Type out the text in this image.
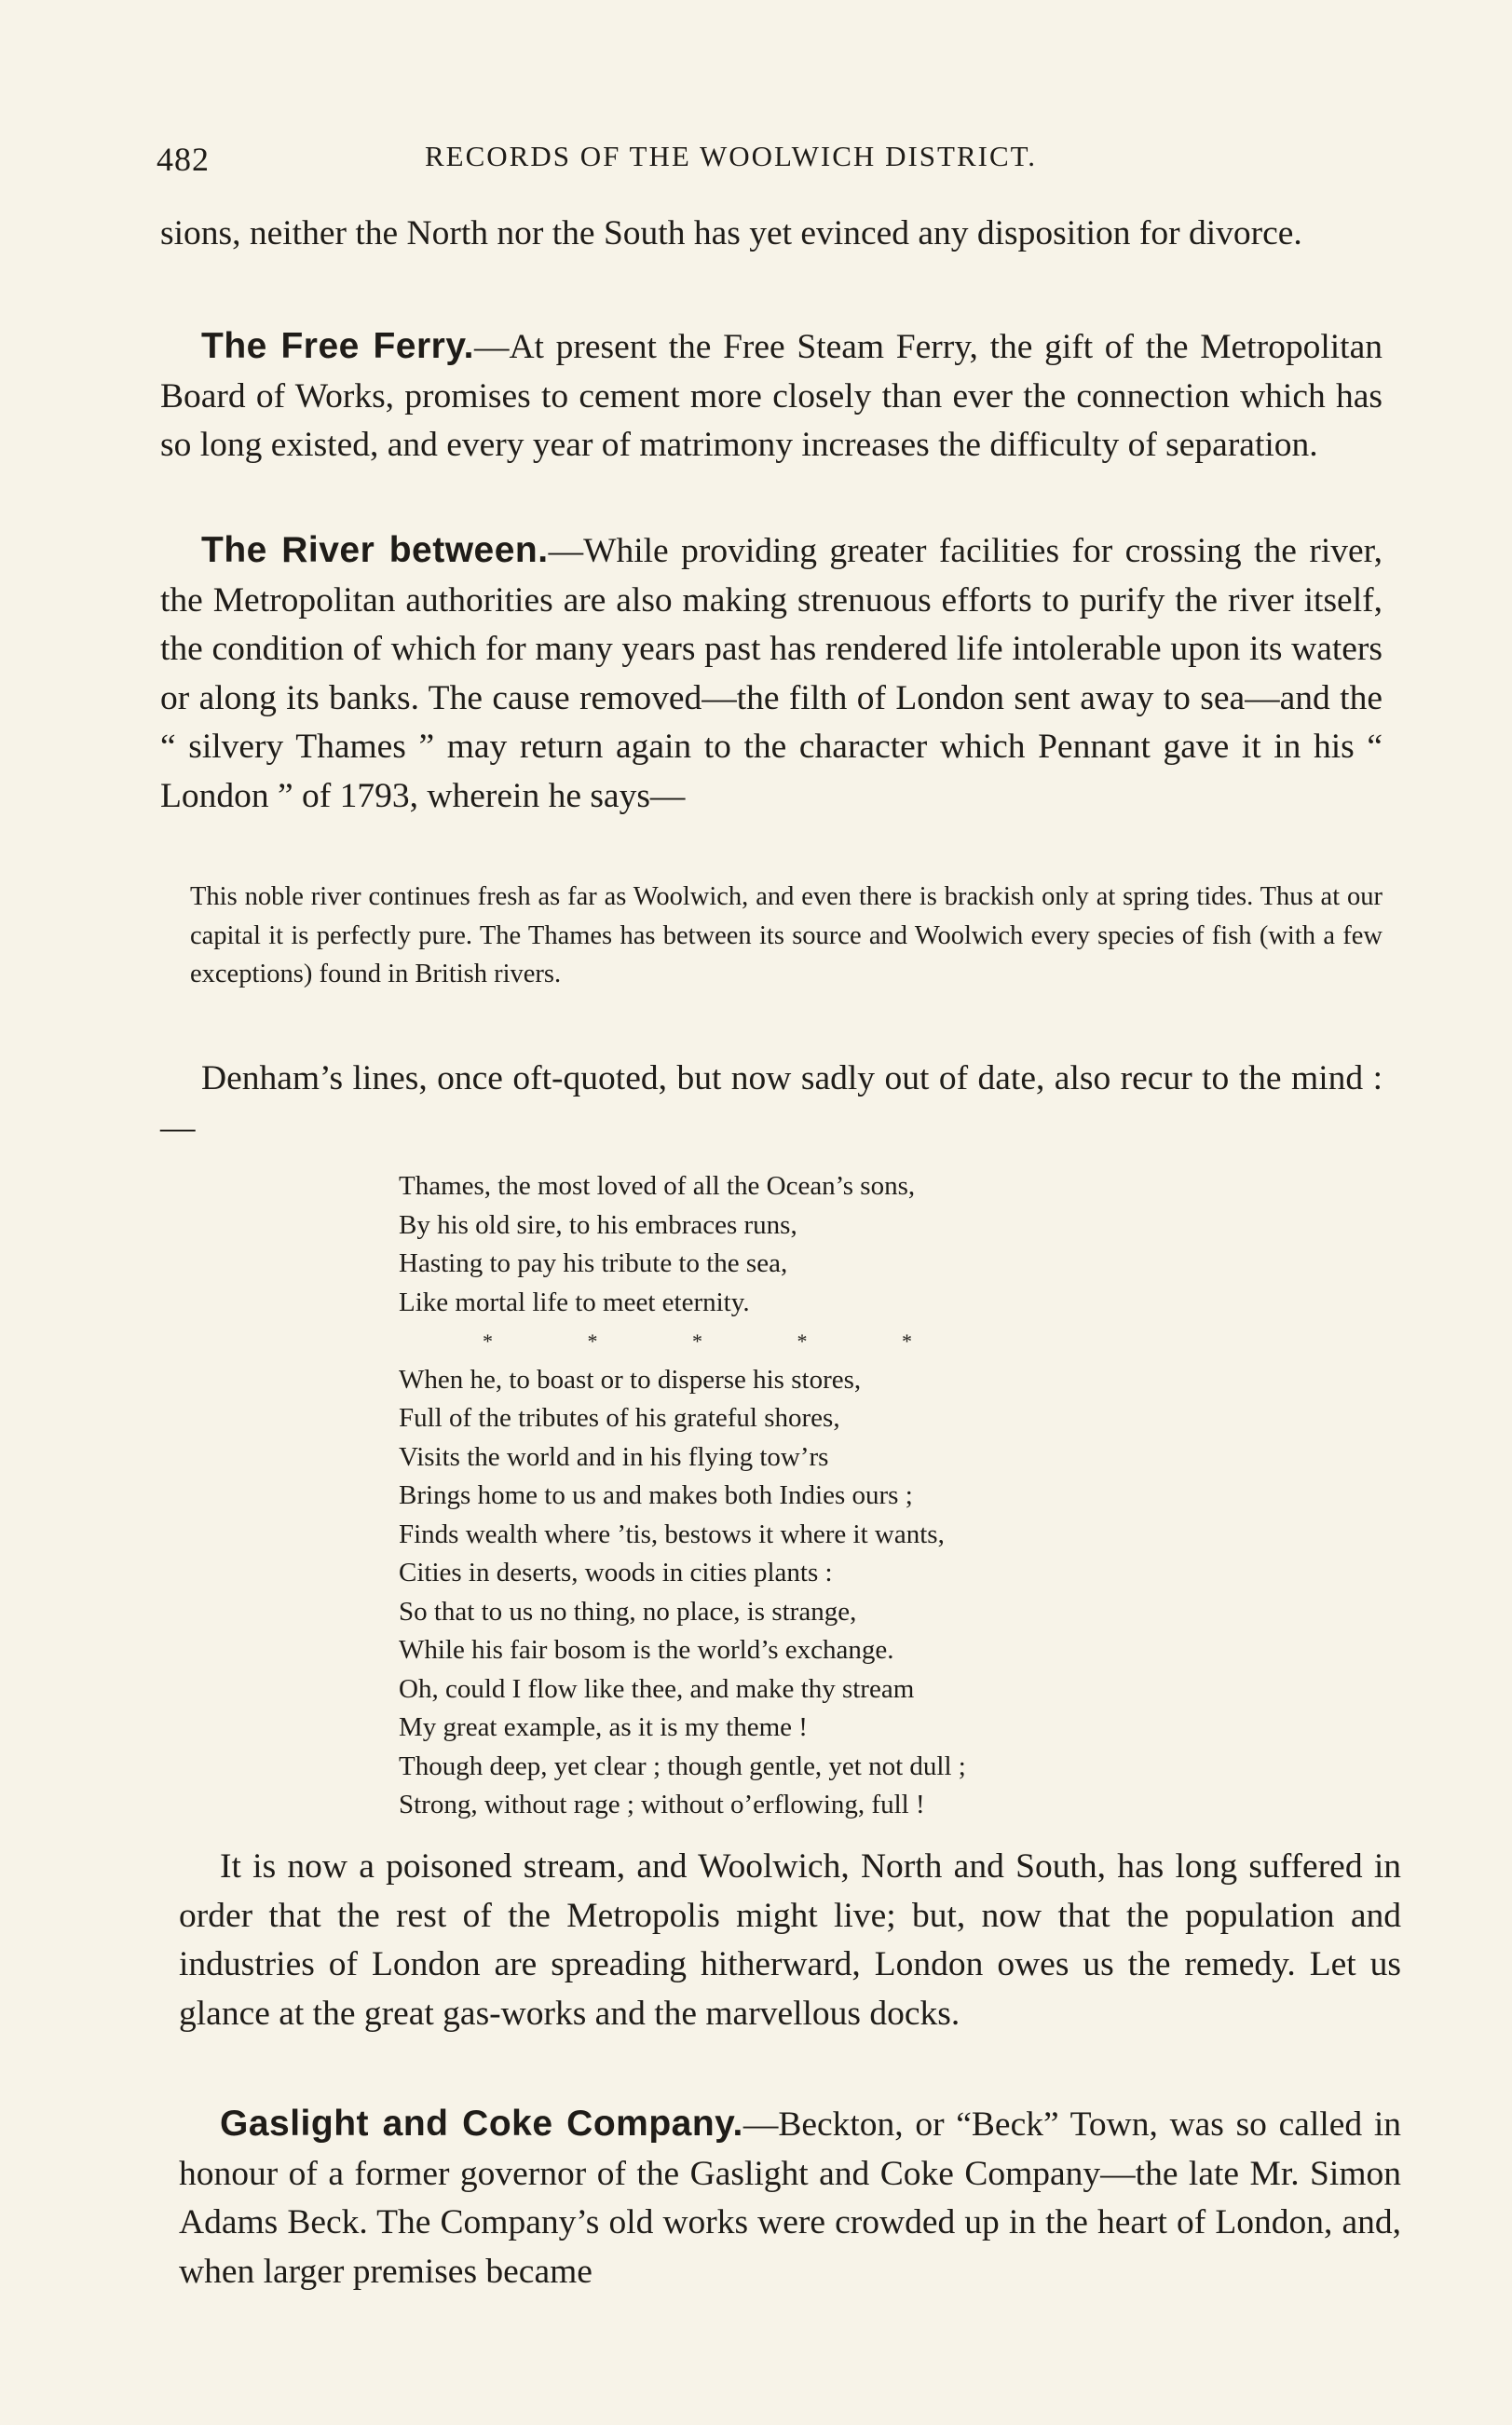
482	RECORDS OF THE WOOLWICH DISTRICT.

sions, neither the North nor the South has yet evinced any disposition for divorce.

The Free Ferry.—At present the Free Steam Ferry, the gift of the Metropolitan Board of Works, promises to cement more closely than ever the connection which has so long existed, and every year of matrimony increases the difficulty of separation.

The River between.—While providing greater facilities for crossing the river, the Metropolitan authorities are also making strenuous efforts to purify the river itself, the condition of which for many years past has rendered life intolerable upon its waters or along its banks. The cause removed—the filth of London sent away to sea—and the “ silvery Thames ” may return again to the character which Pennant gave it in his “ London ” of 1793, wherein he says—

This noble river continues fresh as far as Woolwich, and even there is brackish only at spring tides. Thus at our capital it is perfectly pure. The Thames has between its source and Woolwich every species of fish (with a few exceptions) found in British rivers.

Denham’s lines, once oft-quoted, but now sadly out of date, also recur to the mind :—

Thames, the most loved of all the Ocean’s sons,
By his old sire, to his embraces runs,
Hasting to pay his tribute to the sea,
Like mortal life to meet eternity.
* * * * *
When he, to boast or to disperse his stores,
Full of the tributes of his grateful shores,
Visits the world and in his flying tow’rs
Brings home to us and makes both Indies ours ;
Finds wealth where ’tis, bestows it where it wants,
Cities in deserts, woods in cities plants :
So that to us no thing, no place, is strange,
While his fair bosom is the world’s exchange.
Oh, could I flow like thee, and make thy stream
My great example, as it is my theme !
Though deep, yet clear ; though gentle, yet not dull ;
Strong, without rage ; without o’erflowing, full !

It is now a poisoned stream, and Woolwich, North and South, has long suffered in order that the rest of the Metropolis might live; but, now that the population and industries of London are spreading hitherward, London owes us the remedy. Let us glance at the great gas-works and the marvellous docks.

Gaslight and Coke Company.—Beckton, or “Beck” Town, was so called in honour of a former governor of the Gaslight and Coke Company—the late Mr. Simon Adams Beck. The Company’s old works were crowded up in the heart of London, and, when larger premises became
